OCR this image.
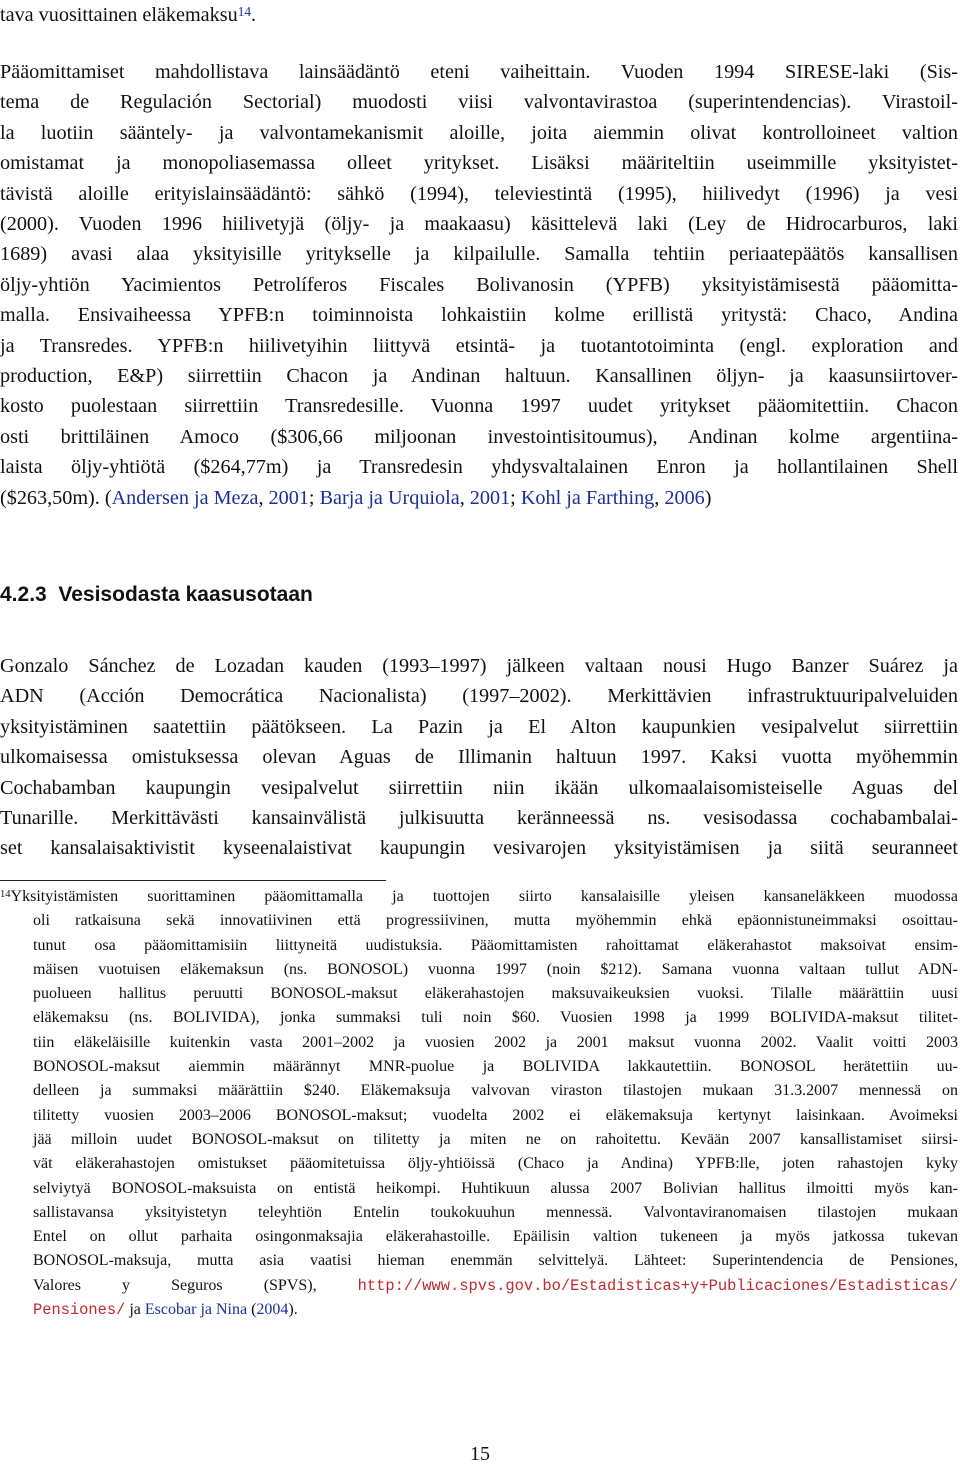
tava vuosittainen eläkemaksu$^{14}$.
Pääomittamiset mahdollistava lainsäädäntö eteni vaiheittain. Vuoden 1994 SIRESE-laki (Sis-
tema de Regulación Sectorial) muodosti viisi valvontavirastoa (superintendencias). Virastoil-
la luotiin sääntely- ja valvontamekanismit aloille, joita aiemmin olivat kontrolloineet valtion
omistamat ja monopoliasemassa olleet yritykset. Lisäksi määriteltiin useimmille yksityistet-
tävistä aloille erityislainsäädäntö: sähkö (1994), televiestintä (1995), hiilivedyt (1996) ja vesi
(2000). Vuoden 1996 hiilivetyjä (öljy- ja maakaasu) käsittelevä laki (Ley de Hidrocarburos, laki
1689) avasi alaa yksityisille yritykselle ja kilpailulle. Samalla tehtiin periaatepäätös kansallisen
öljy-yhtiön Yacimientos Petrolíferos Fiscales Bolivanosin (YPFB) yksityistämisestä pääomitta-
malla. Ensivaiheessa YPFB:n toiminnoista lohkaistiin kolme erillistä yritystä: Chaco, Andina
ja Transredes. YPFB:n hiilivetyihin liittyvä etsintä- ja tuotantotoiminta (engl. exploration and
production, E&P) siirrettiin Chacon ja Andinan haltuun. Kansallinen öljyn- ja kaasunsiirtover-
kosto puolestaan siirrettiin Transredesille. Vuonna 1997 uudet yritykset pääomitettiin. Chacon
osti brittiläinen Amoco ($306,66 miljoonan investointisitoumus), Andinan kolme argentiina-
laista öljy-yhtiötä ($264,77m) ja Transredesin yhdysvaltalainen Enron ja hollantilainen Shell
($263,50m). (Andersen ja Meza, 2001; Barja ja Urquiola, 2001; Kohl ja Farthing, 2006)
4.2.3 Vesisodasta kaasusotaan
Gonzalo Sánchez de Lozadan kauden (1993–1997) jälkeen valtaan nousi Hugo Banzer Suárez ja
ADN (Acción Democrática Nacionalista) (1997–2002). Merkittävien infrastruktuuripalveluiden
yksityistäminen saatettiin päätökseen. La Pazin ja El Alton kaupunkien vesipalvelut siirrettiin
ulkomaisessa omistuksessa olevan Aguas de Illimanin haltuun 1997. Kaksi vuotta myöhemmin
Cochabamban kaupungin vesipalvelut siirrettiin niin ikään ulkomaalaisomisteiselle Aguas del
Tunarille. Merkittävästi kansainvälistä julkisuutta keränneessä ns. vesisodassa cochabambalai-
set kansalaisaktivistit kyseenalaistivat kaupungin vesivarojen yksityistämisen ja siitä seuranneet
$^{14}$Yksityistämisten suorittaminen pääomittamalla ja tuottojen siirto kansalaisille yleisen kansaneläkkeen muodossa
oli ratkaisuna sekä innovatiivinen että progressiivinen, mutta myöhemmin ehkä epäonnistuneimmaksi osoittau-
tunut osa pääomittamisiin liittyneitä uudistuksia. Pääomittamisten rahoittamat eläkerahastot maksoivat ensim-
mäisen vuotuisen eläkemaksun (ns. BONOSOL) vuonna 1997 (noin $212). Samana vuonna valtaan tullut ADN-
puolueen hallitus peruutti BONOSOL-maksut eläkerahastojen maksuvaikeuksien vuoksi. Tilalle määrättiin uusi
eläkemaksu (ns. BOLIVIDA), jonka summaksi tuli noin $60. Vuosien 1998 ja 1999 BOLIVIDA-maksut tilitet-
tiin eläkeläisille kuitenkin vasta 2001–2002 ja vuosien 2002 ja 2001 maksut vuonna 2002. Vaalit voitti 2003
BONOSOL-maksut aiemmin määrännyt MNR-puolue ja BOLIVIDA lakkautettiin. BONOSOL herätettiin uu-
delleen ja summaksi määrättiin $240. Eläkemaksuja valvovan viraston tilastojen mukaan 31.3.2007 mennessä on
tilitetty vuosien 2003–2006 BONOSOL-maksut; vuodelta 2002 ei eläkemaksuja kertynyt laisinkaan. Avoimeksi
jää milloin uudet BONOSOL-maksut on tilitetty ja miten ne on rahoitettu. Kevään 2007 kansallistamiset siirsi-
vät eläkerahastojen omistukset pääomitetuissa öljy-yhtiöissä (Chaco ja Andina) YPFB:lle, joten rahastojen kyky
selviytyä BONOSOL-maksuista on entistä heikompi. Huhtikuun alussa 2007 Bolivian hallitus ilmoitti myös kan-
sallistavansa yksityistetyn teleyhtiön Entelin toukokuuhun mennessä. Valvontaviranomaisen tilastojen mukaan
Entel on ollut parhaita osingonmaksajia eläkerahastoille. Epäilisin valtion tukeneen ja myös jatkossa tukevan
BONOSOL-maksuja, mutta asia vaatisi hieman enemmän selvittelyä. Lähteet: Superintendencia de Pensiones,
Valores y Seguros (SPVS), http://www.spvs.gov.bo/Estadisticas+y+Publicaciones/Estadisticas/
Pensiones/ ja Escobar ja Nina (2004).
15
